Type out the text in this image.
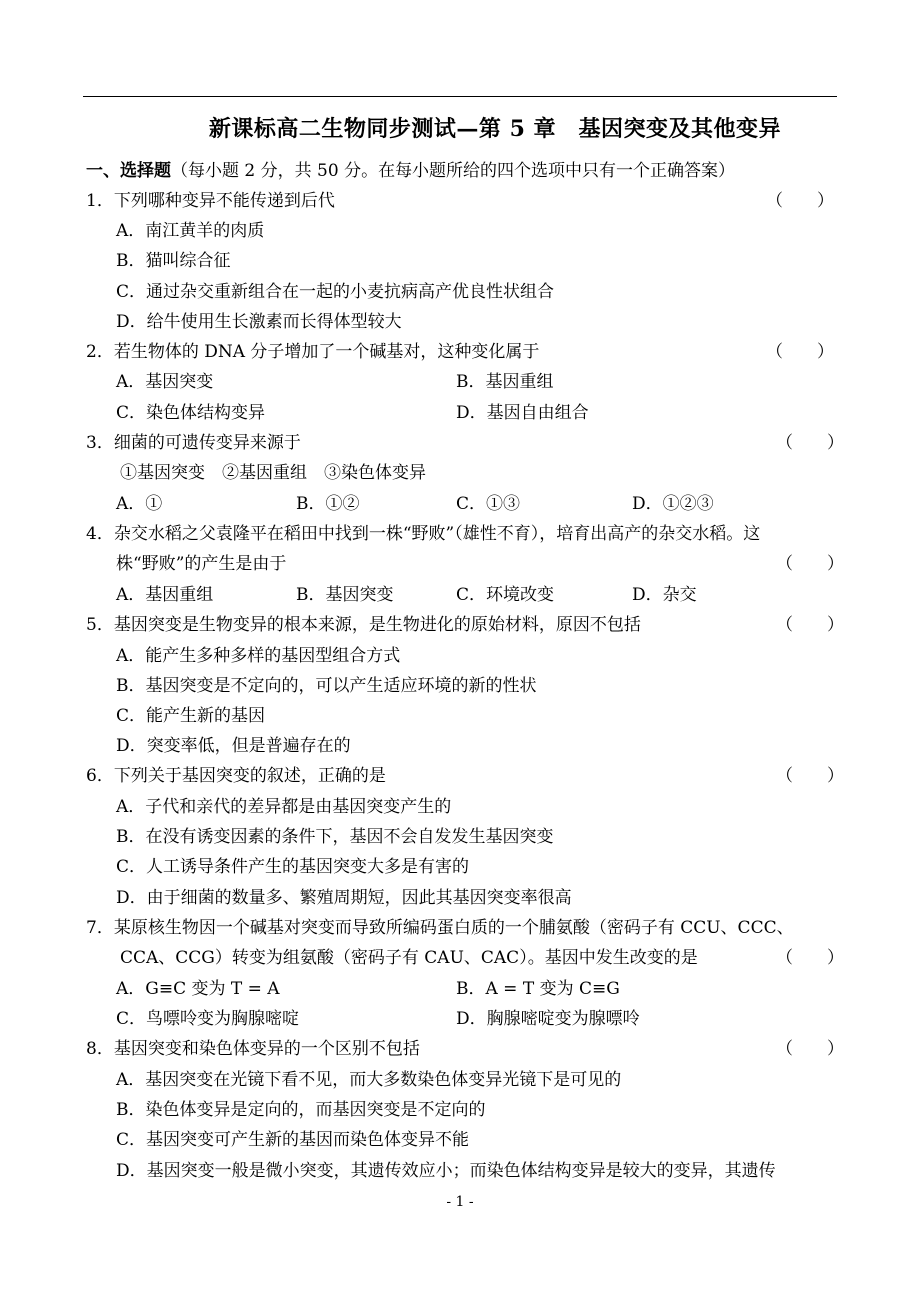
新课标高二生物同步测试—第 5 章　基因突变及其他变异
一、选择题（每小题 2 分，共 50 分。在每小题所给的四个选项中只有一个正确答案）
1．下列哪种变异不能传递到后代	（　　）
A．南江黄羊的肉质
B．猫叫综合征
C．通过杂交重新组合在一起的小麦抗病高产优良性状组合
D．给牛使用生长激素而长得体型较大
2．若生物体的 DNA 分子增加了一个碱基对，这种变化属于	（　　）
A．基因突变	B．基因重组
C．染色体结构变异	D．基因自由组合
3．细菌的可遗传变异来源于	（　　）
①基因突变　②基因重组　③染色体变异
A．①	B．①②	C．①③	D．①②③
4．杂交水稻之父袁隆平在稻田中找到一株“野败”（雄性不育），培育出高产的杂交水稻。这
株“野败”的产生是由于	（　　）
A．基因重组	B．基因突变	C．环境改变	D．杂交
5．基因突变是生物变异的根本来源，是生物进化的原始材料，原因不包括	（　　）
A．能产生多种多样的基因型组合方式
B．基因突变是不定向的，可以产生适应环境的新的性状
C．能产生新的基因
D．突变率低，但是普遍存在的
6．下列关于基因突变的叙述，正确的是	（　　）
A．子代和亲代的差异都是由基因突变产生的
B．在没有诱变因素的条件下，基因不会自发发生基因突变
C．人工诱导条件产生的基因突变大多是有害的
D．由于细菌的数量多、繁殖周期短，因此其基因突变率很高
7．某原核生物因一个碱基对突变而导致所编码蛋白质的一个脯氨酸（密码子有 CCU、CCC、
CCA、CCG）转变为组氨酸（密码子有 CAU、CAC）。基因中发生改变的是	（　　）
A．G≡C 变为 T = A	B．A = T 变为 C≡G
C．鸟嘌呤变为胸腺嘧啶	D．胸腺嘧啶变为腺嘌呤
8．基因突变和染色体变异的一个区别不包括	（　　）
A．基因突变在光镜下看不见，而大多数染色体变异光镜下是可见的
B．染色体变异是定向的，而基因突变是不定向的
C．基因突变可产生新的基因而染色体变异不能
D．基因突变一般是微小突变，其遗传效应小；而染色体结构变异是较大的变异，其遗传
- 1 -
